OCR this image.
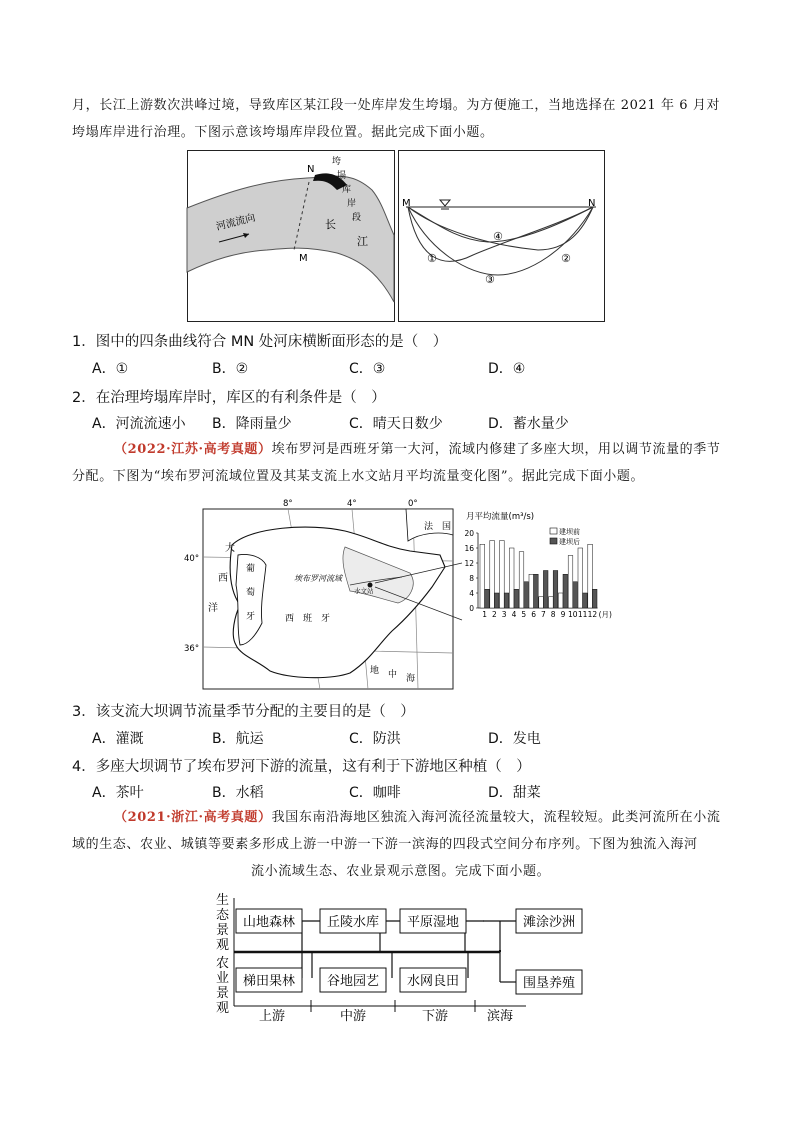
月，长江上游数次洪峰过境，导致库区某江段一处库岸发生垮塌。为方便施工，当地选择在 2021 年 6 月对
垮塌库岸进行治理。下图示意该垮塌库岸段位置。据此完成下面小题。
N
M
垮
塌
库
岸
段
河流流向	长
江
M	N
①	②
③
④
1．图中的四条曲线符合 MN 处河床横断面形态的是（　）
A．①	B．②	C．③	D．④
2．在治理垮塌库岸时，库区的有利条件是（　）
A．河流流速小 B．降雨量少	C．晴天日数少	D．蓄水量少
（2022·江苏·高考真题）埃布罗河是西班牙第一大河，流域内修建了多座大坝，用以调节流量的季节
分配。下图为“埃布罗河流域位置及其某支流上水文站月平均流量变化图”。据此完成下面小题。
8°	4°	0°
40°
36°
大
西
洋
葡
萄
牙	西　班　牙
法　国
埃布罗河流域
水文站
地 中 海
月平均流量(m³/s)
0
4
8
12
16
20
1 2 3 4 5 6 7 8 9 10 11 12 (月)
建坝前
建坝后
3．该支流大坝调节流量季节分配的主要目的是（　）
A．灌溉	B．航运	C．防洪	D．发电
4．多座大坝调节了埃布罗河下游的流量，这有利于下游地区种植（　）
A．茶叶	B．水稻	C．咖啡	D．甜菜
（2021·浙江·高考真题）我国东南沿海地区独流入海河流径流量较大，流程较短。此类河流所在小流
域的生态、农业、城镇等要素多形成上游一中游一下游一滨海的四段式空间分布序列。下图为独流入海河
流小流域生态、农业景观示意图。完成下面小题。
生
态
景
观
农
业
景
观
山地森林 丘陵水库 平原湿地	滩涂沙洲
梯田果林 谷地园艺 水网良田	围垦养殖
上游	中游	下游	滨海
